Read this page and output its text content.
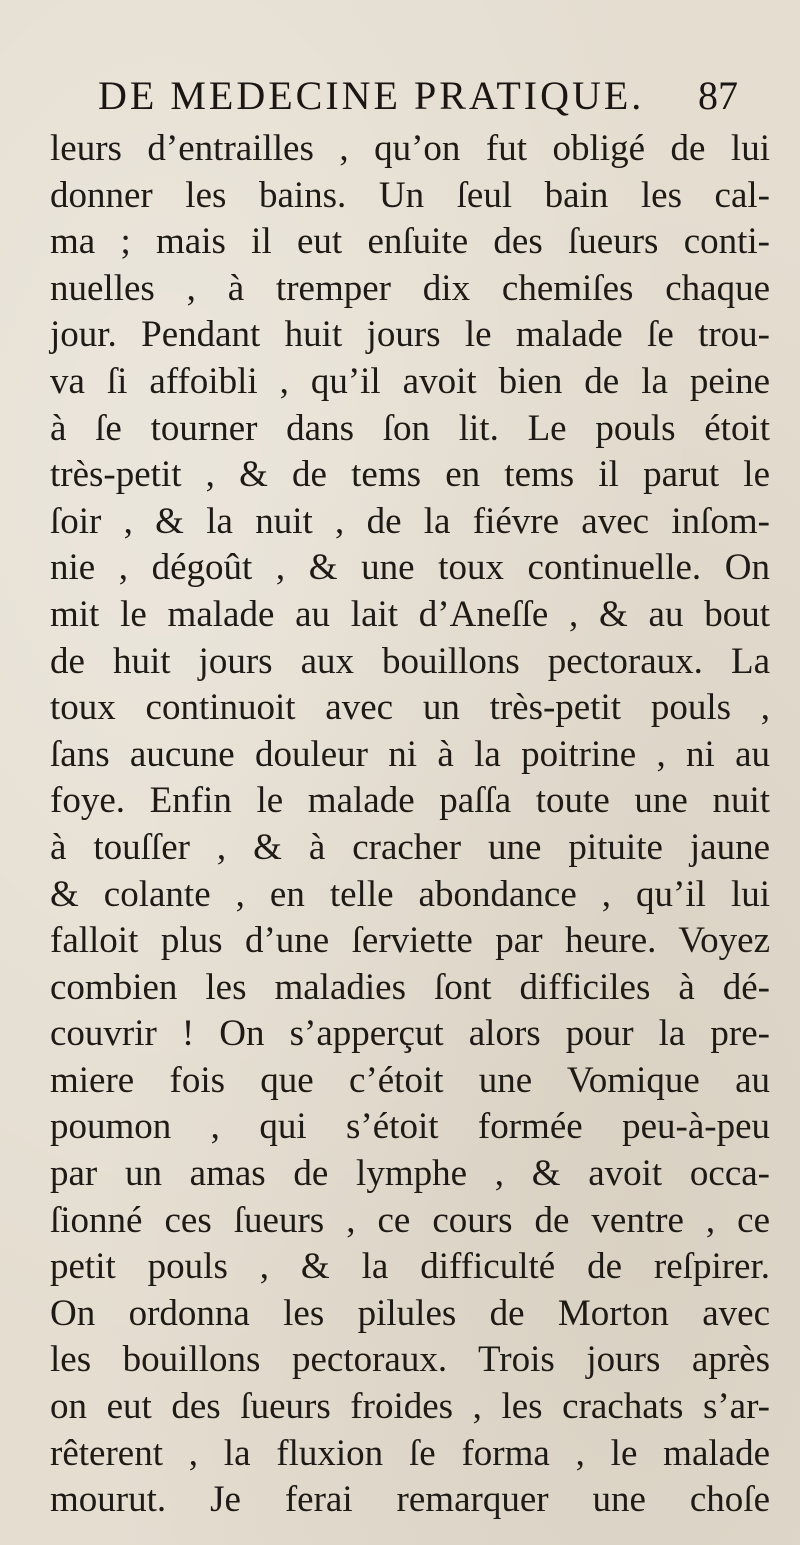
DE MEDECINE PRATIQUE. 87
leurs d’entrailles , qu’on fut obligé de lui
donner les bains. Un ſeul bain les cal-
ma ; mais il eut enſuite des ſueurs conti-
nuelles , à tremper dix chemiſes chaque
jour. Pendant huit jours le malade ſe trou-
va ſi affoibli , qu’il avoit bien de la peine
à ſe tourner dans ſon lit. Le pouls étoit
très-petit , & de tems en tems il parut le
ſoir , & la nuit , de la fiévre avec inſom-
nie , dégoût , & une toux continuelle. On
mit le malade au lait d’Aneſſe , & au bout
de huit jours aux bouillons pectoraux. La
toux continuoit avec un très-petit pouls ,
ſans aucune douleur ni à la poitrine , ni au
foye. Enfin le malade paſſa toute une nuit
à touſſer , & à cracher une pituite jaune
& colante , en telle abondance , qu’il lui
falloit plus d’une ſerviette par heure. Voyez
combien les maladies ſont difficiles à dé-
couvrir ! On s’apperçut alors pour la pre-
miere fois que c’étoit une Vomique au
poumon , qui s’étoit formée peu-à-peu
par un amas de lymphe , & avoit occa-
ſionné ces ſueurs , ce cours de ventre , ce
petit pouls , & la difficulté de reſpirer.
On ordonna les pilules de Morton avec
les bouillons pectoraux. Trois jours après
on eut des ſueurs froides , les crachats s’ar-
rêterent , la fluxion ſe forma , le malade
mourut. Je ferai remarquer une choſe
